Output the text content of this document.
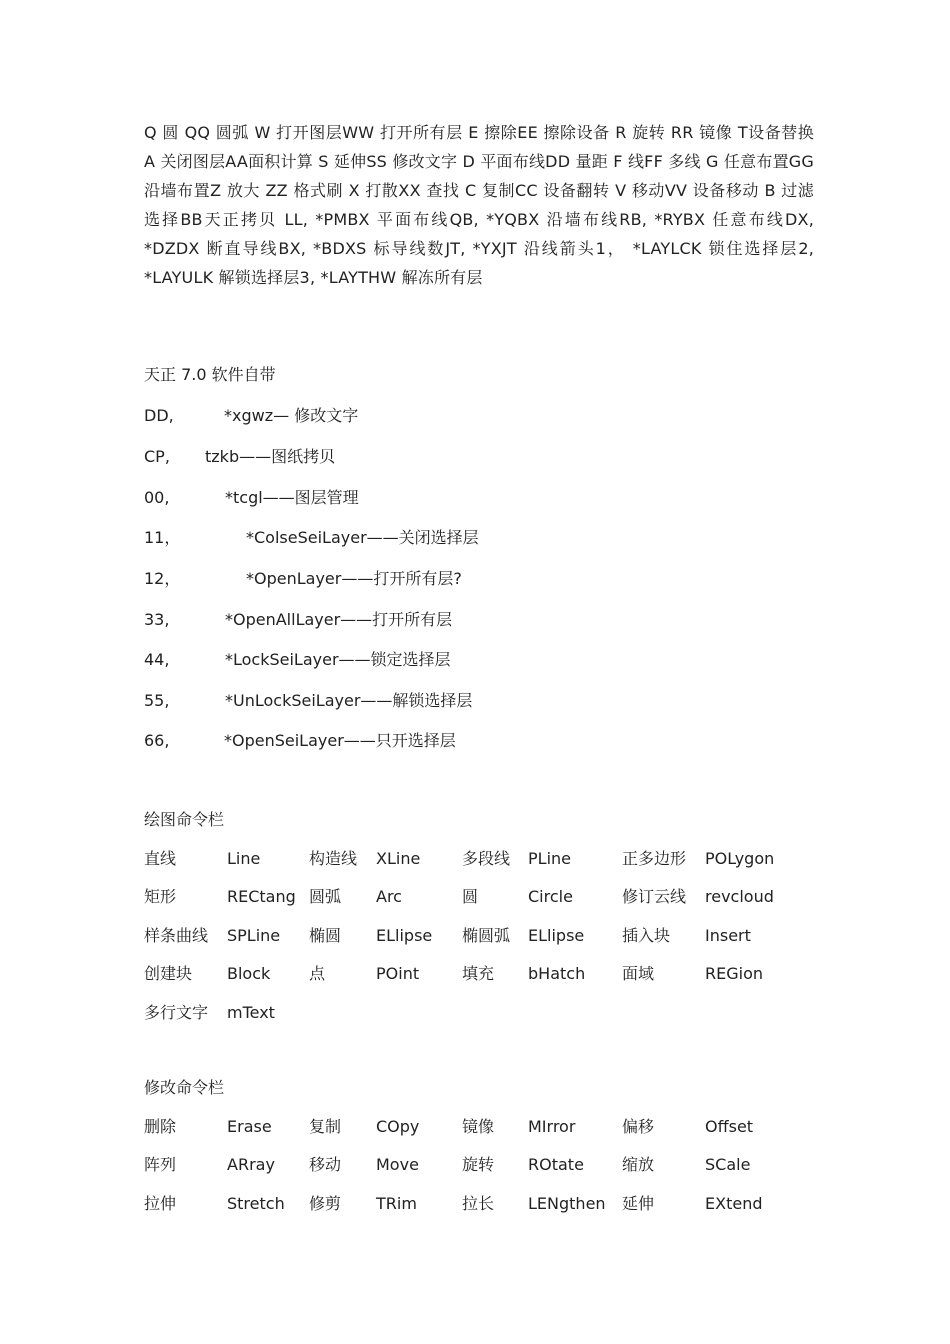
Q 圆 QQ 圆弧 W 打开图层WW 打开所有层 E 擦除EE 擦除设备 R 旋转 RR 镜像 T设备替换 A 关闭图层AA面积计算 S 延伸SS 修改文字 D 平面布线DD 量距 F 线FF 多线 G 任意布置GG沿墙布置Z 放大 ZZ 格式刷 X 打散XX 查找 C 复制CC 设备翻转 V 移动VV 设备移动 B 过滤选择BB天正拷贝 LL, *PMBX 平面布线QB, *YQBX 沿墙布线RB, *RYBX 任意布线DX, *DZDX 断直导线BX, *BDXS 标导线数JT, *YXJT 沿线箭头1， *LAYLCK 锁住选择层2, *LAYULK 解锁选择层3, *LAYTHW 解冻所有层
天正 7.0 软件自带
DD,	*xgwz— 修改文字
CP, tzkb——图纸拷贝
00,	*tcgl——图层管理
11，	*ColseSeiLayer——关闭选择层
12，	*OpenLayer——打开所有层?
33,	*OpenAllLayer——打开所有层
44,	*LockSeiLayer——锁定选择层
55,	*UnLockSeiLayer——解锁选择层
66,	*OpenSeiLayer——只开选择层
绘图命令栏
直线	Line	构造线 XLine	多段线 PLine	正多边形 POLygon
矩形	RECtang 圆弧 Arc	圆	Circle	修订云线 revcloud
样条曲线 SPLine 椭圆 ELlipse 椭圆弧 ELlipse 插入块 Insert
创建块 Block 点	POint	填充 bHatch 面域	REGion
多行文字 mText
修改命令栏
删除	Erase 复制 COpy	镜像 MIrror	偏移	Offset
阵列	ARray 移动 Move	旋转 ROtate 缩放	SCale
拉伸	Stretch 修剪 TRim	拉长 LENgthen 延伸	EXtend
